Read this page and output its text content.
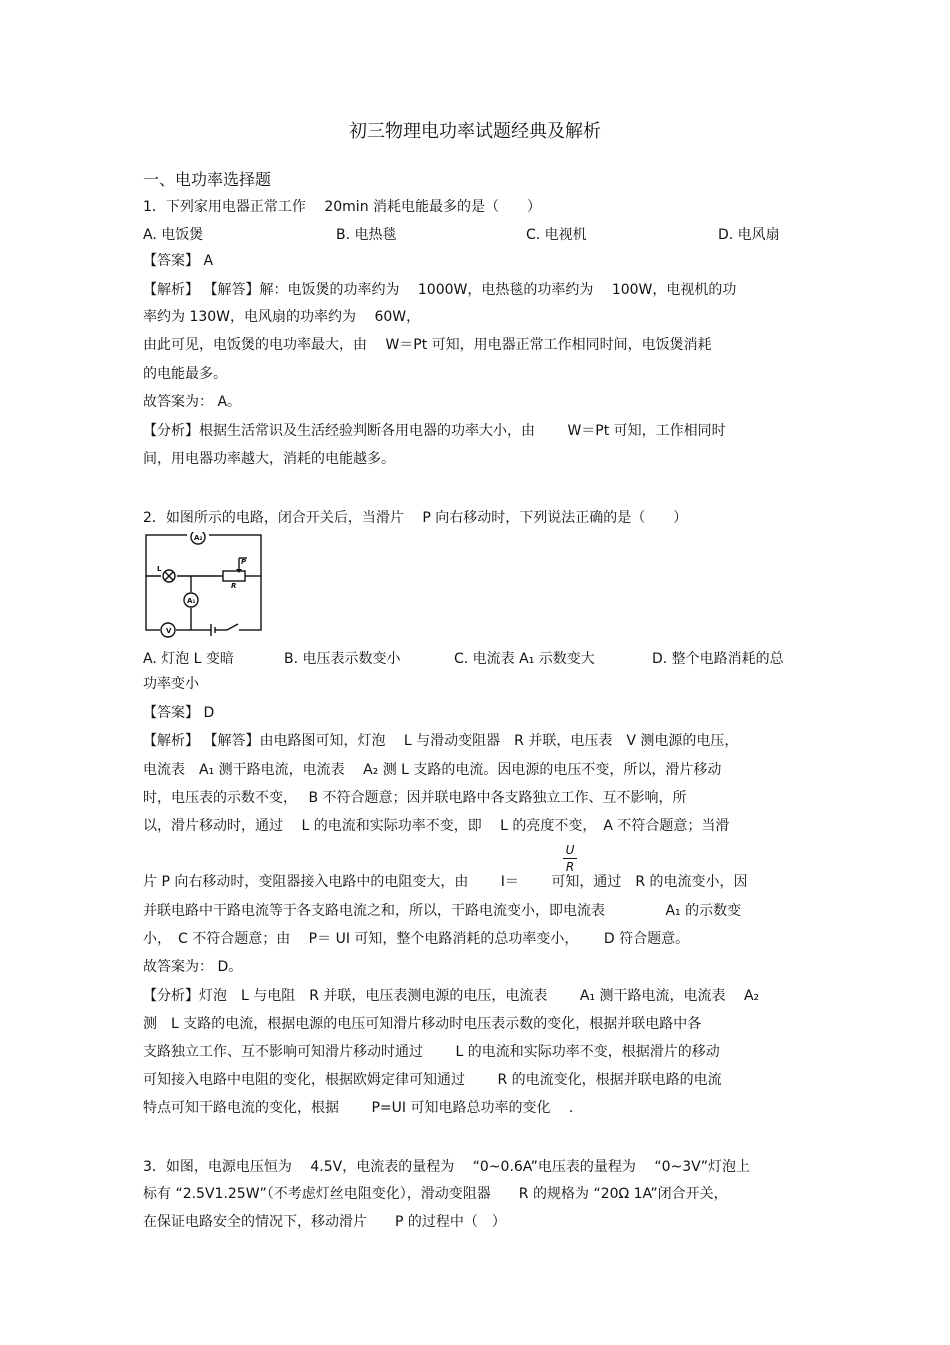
初三物理电功率试题经典及解析
一、电功率选择题
1．下列家用电器正常工作　 20min 消耗电能最多的是（　　）
A. 电饭煲	B. 电热毯	C. 电视机	D. 电风扇
【答案】 A
【解析】 【解答】解：电饭煲的功率约为　 1000W，电热毯的功率约为　 100W，电视机的功
率约为 130W，电风扇的功率约为　 60W，
由此可见，电饭煲的电功率最大，由　 W＝Pt 可知，用电器正常工作相同时间，电饭煲消耗
的电能最多。
故答案为： A。
【分析】根据生活常识及生活经验判断各用电器的功率大小，由　　 W＝Pt 可知，工作相同时
间，用电器功率越大，消耗的电能越多。
2．如图所示的电路，闭合开关后，当滑片　 P 向右移动时，下列说法正确的是（　　）
A₂
A₁
V
L
R
P
A. 灯泡 L 变暗	B. 电压表示数变小	C. 电流表 A₁ 示数变大	D. 整个电路消耗的总
功率变小
【答案】 D
【解析】 【解答】由电路图可知，灯泡　 L 与滑动变阻器　R 并联，电压表　V 测电源的电压，
电流表　A₁ 测干路电流，电流表　 A₂ 测 L 支路的电流。因电源的电压不变，所以，滑片移动
时，电压表的示数不变，　 B 不符合题意；因并联电路中各支路独立工作、互不影响，所
以，滑片移动时，通过　 L 的电流和实际功率不变，即　 L 的亮度不变，　A 不符合题意；当滑
U
R
片 P 向右移动时，变阻器接入电路中的电阻变大，由　　 I＝　　 可知，通过　R 的电流变小，因
并联电路中干路电流等于各支路电流之和，所以，干路电流变小，即电流表　　　　 A₁ 的示数变
小，　C 不符合题意；由　 P＝ UI 可知，整个电路消耗的总功率变小，　　 D 符合题意。
故答案为： D。
【分析】灯泡　L 与电阻　R 并联，电压表测电源的电压，电流表　　 A₁ 测干路电流，电流表　 A₂
测　L 支路的电流，根据电源的电压可知滑片移动时电压表示数的变化，根据并联电路中各
支路独立工作、互不影响可知滑片移动时通过　　 L 的电流和实际功率不变，根据滑片的移动
可知接入电路中电阻的变化，根据欧姆定律可知通过　　 R 的电流变化，根据并联电路的电流
特点可知干路电流的变化，根据　　 P=UI 可知电路总功率的变化　 .
3．如图，电源电压恒为　 4.5V，电流表的量程为　 “0~0.6A”电压表的量程为　 “0~3V”灯泡上
标有 “2.5V1.25W”（不考虑灯丝电阻变化），滑动变阻器　　R 的规格为 “20Ω 1A”闭合开关，
在保证电路安全的情况下，移动滑片　　P 的过程中（　）
